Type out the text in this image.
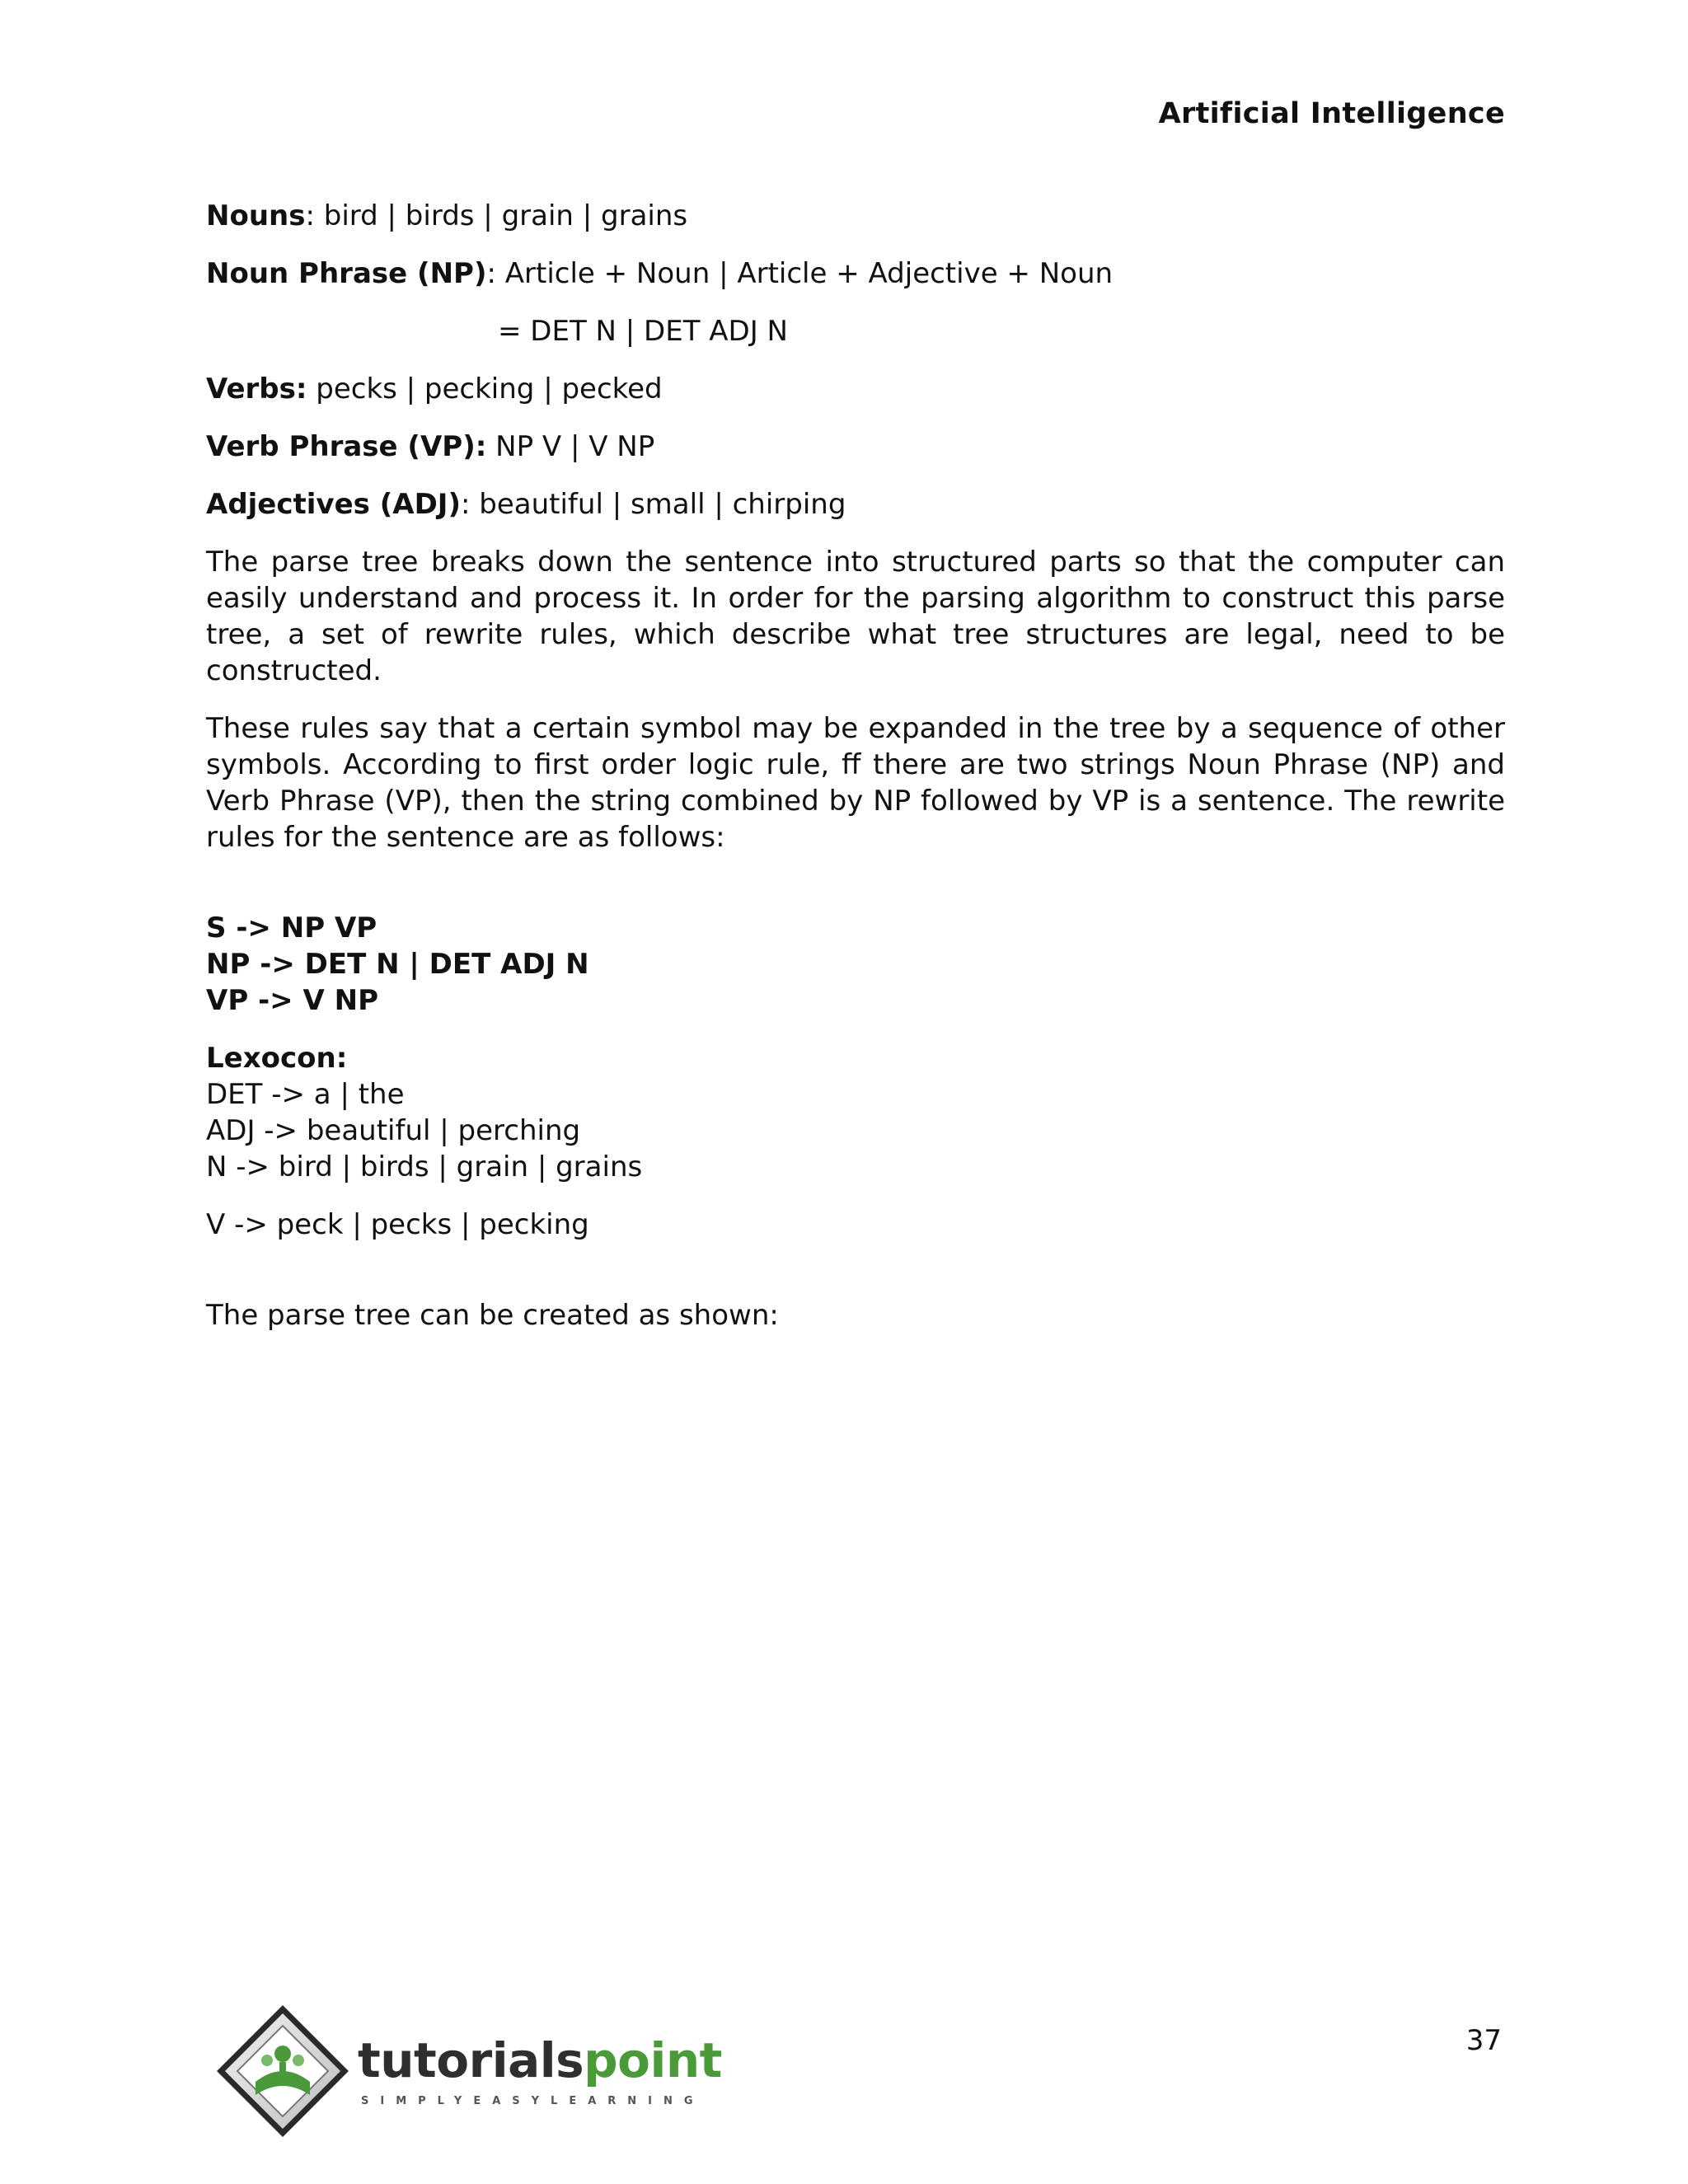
Artificial Intelligence
Nouns: bird | birds | grain | grains
Noun Phrase (NP): Article + Noun | Article + Adjective + Noun
= DET N | DET ADJ N
Verbs: pecks | pecking | pecked
Verb Phrase (VP): NP V | V NP
Adjectives (ADJ): beautiful | small | chirping

The parse tree breaks down the sentence into structured parts so that the computer can easily understand and process it. In order for the parsing algorithm to construct this parse tree, a set of rewrite rules, which describe what tree structures are legal, need to be constructed.

These rules say that a certain symbol may be expanded in the tree by a sequence of other symbols. According to first order logic rule, ff there are two strings Noun Phrase (NP) and Verb Phrase (VP), then the string combined by NP followed by VP is a sentence. The rewrite rules for the sentence are as follows:

S -> NP VP
NP -> DET N | DET ADJ N
VP -> V NP
Lexocon:
DET -> a | the
ADJ -> beautiful | perching
N -> bird | birds | grain | grains
V -> peck | pecks | pecking
The parse tree can be created as shown:
tutorialspoint
SIMPLYEASYLEARNING
37
